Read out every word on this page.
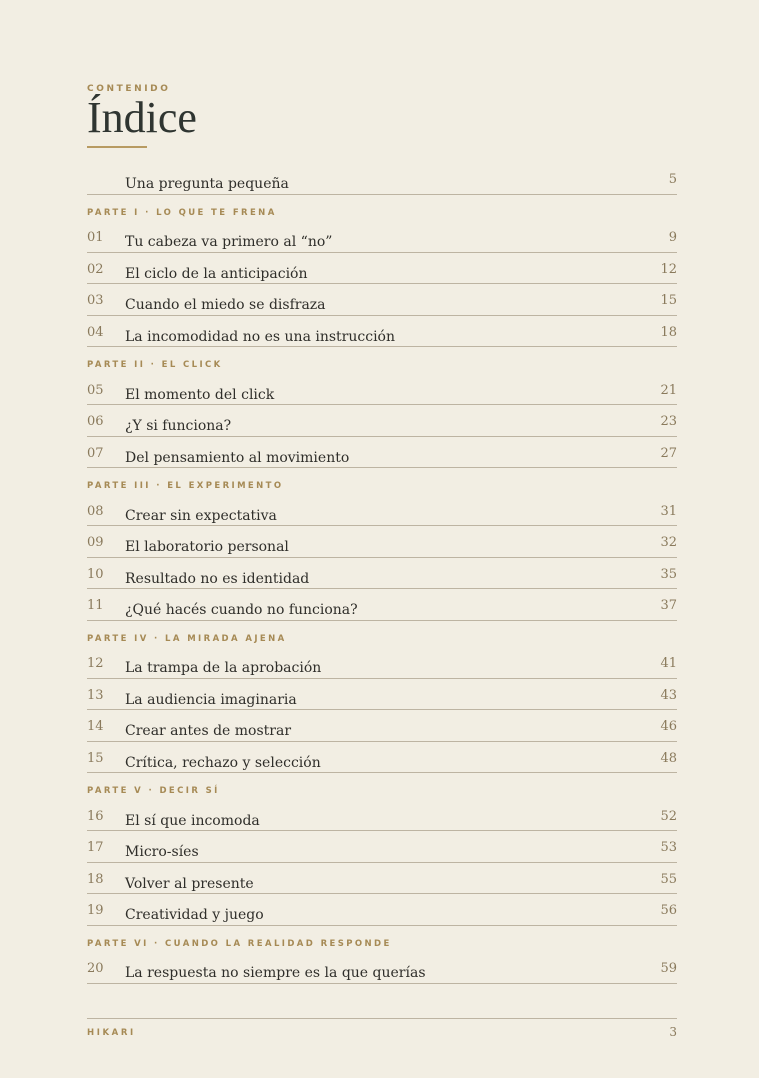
CONTENIDO
Índice
Una pregunta pequeña	5
PARTE I · LO QUE TE FRENA
01 Tu cabeza va primero al “no”	9
02 El ciclo de la anticipación	12
03 Cuando el miedo se disfraza	15
04 La incomodidad no es una instrucción	18
PARTE II · EL CLICK
05 El momento del click	21
06 ¿Y si funciona?	23
07 Del pensamiento al movimiento	27
PARTE III · EL EXPERIMENTO
08 Crear sin expectativa	31
09 El laboratorio personal	32
10 Resultado no es identidad	35
11 ¿Qué hacés cuando no funciona?	37
PARTE IV · LA MIRADA AJENA
12 La trampa de la aprobación	41
13 La audiencia imaginaria	43
14 Crear antes de mostrar	46
15 Crítica, rechazo y selección	48
PARTE V · DECIR SÍ
16 El sí que incomoda	52
17 Micro-síes	53
18 Volver al presente	55
19 Creatividad y juego	56
PARTE VI · CUANDO LA REALIDAD RESPONDE
20 La respuesta no siempre es la que querías	59
HIKARI	3
